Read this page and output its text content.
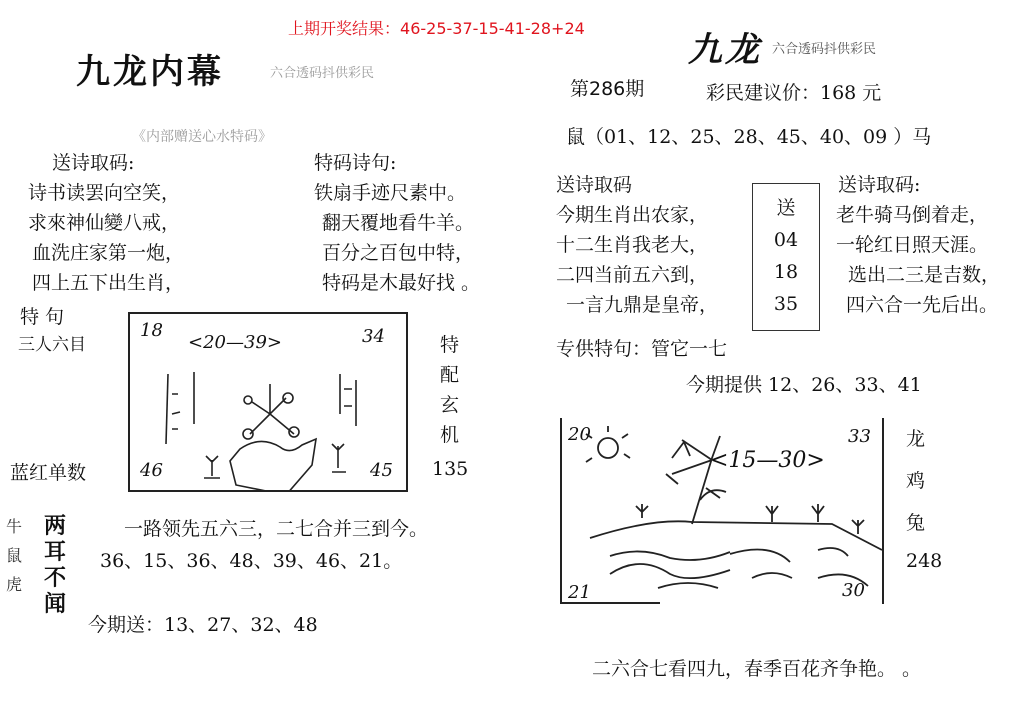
上期开奖结果：46-25-37-15-41-28+24
九龙内幕	六合透码抖供彩民
《内部赠送心水特码》
送诗取码:
诗书读罢向空笑，
求來神仙變八戒，
血洗庄家第一炮，
四上五下出生肖，
特码诗句:
铁扇手迹尺素中。
翻天覆地看牛羊。
百分之百包中特，
特码是木最好找 。
特 句
三人六目
蓝红单数
18
<20—39>	34
46	45
特
配
玄
机
135
牛
鼠
虎
两
耳
不
闻
一路领先五六三，二七合并三到今。
36、15、36、48、39、46、21。
今期送：13、27、32、48
九龙 六合透码抖供彩民
第286期	彩民建议价：168 元
鼠（01、12、25、28、45、40、09 ）马
送诗取码
今期生肖出农家，
十二生肖我老大，
二四当前五六到，
一言九鼎是皇帝，
送
04
18
35
送诗取码:
老牛骑马倒着走，
一轮红日照天涯。
选出二三是吉数，
四六合一先后出。
专供特句：管它一七
今期提供 12、26、33、41
20
<15—30>
33
21	30
龙
鸡
兔
248
二六合七看四九，春季百花齐争艳。 。
